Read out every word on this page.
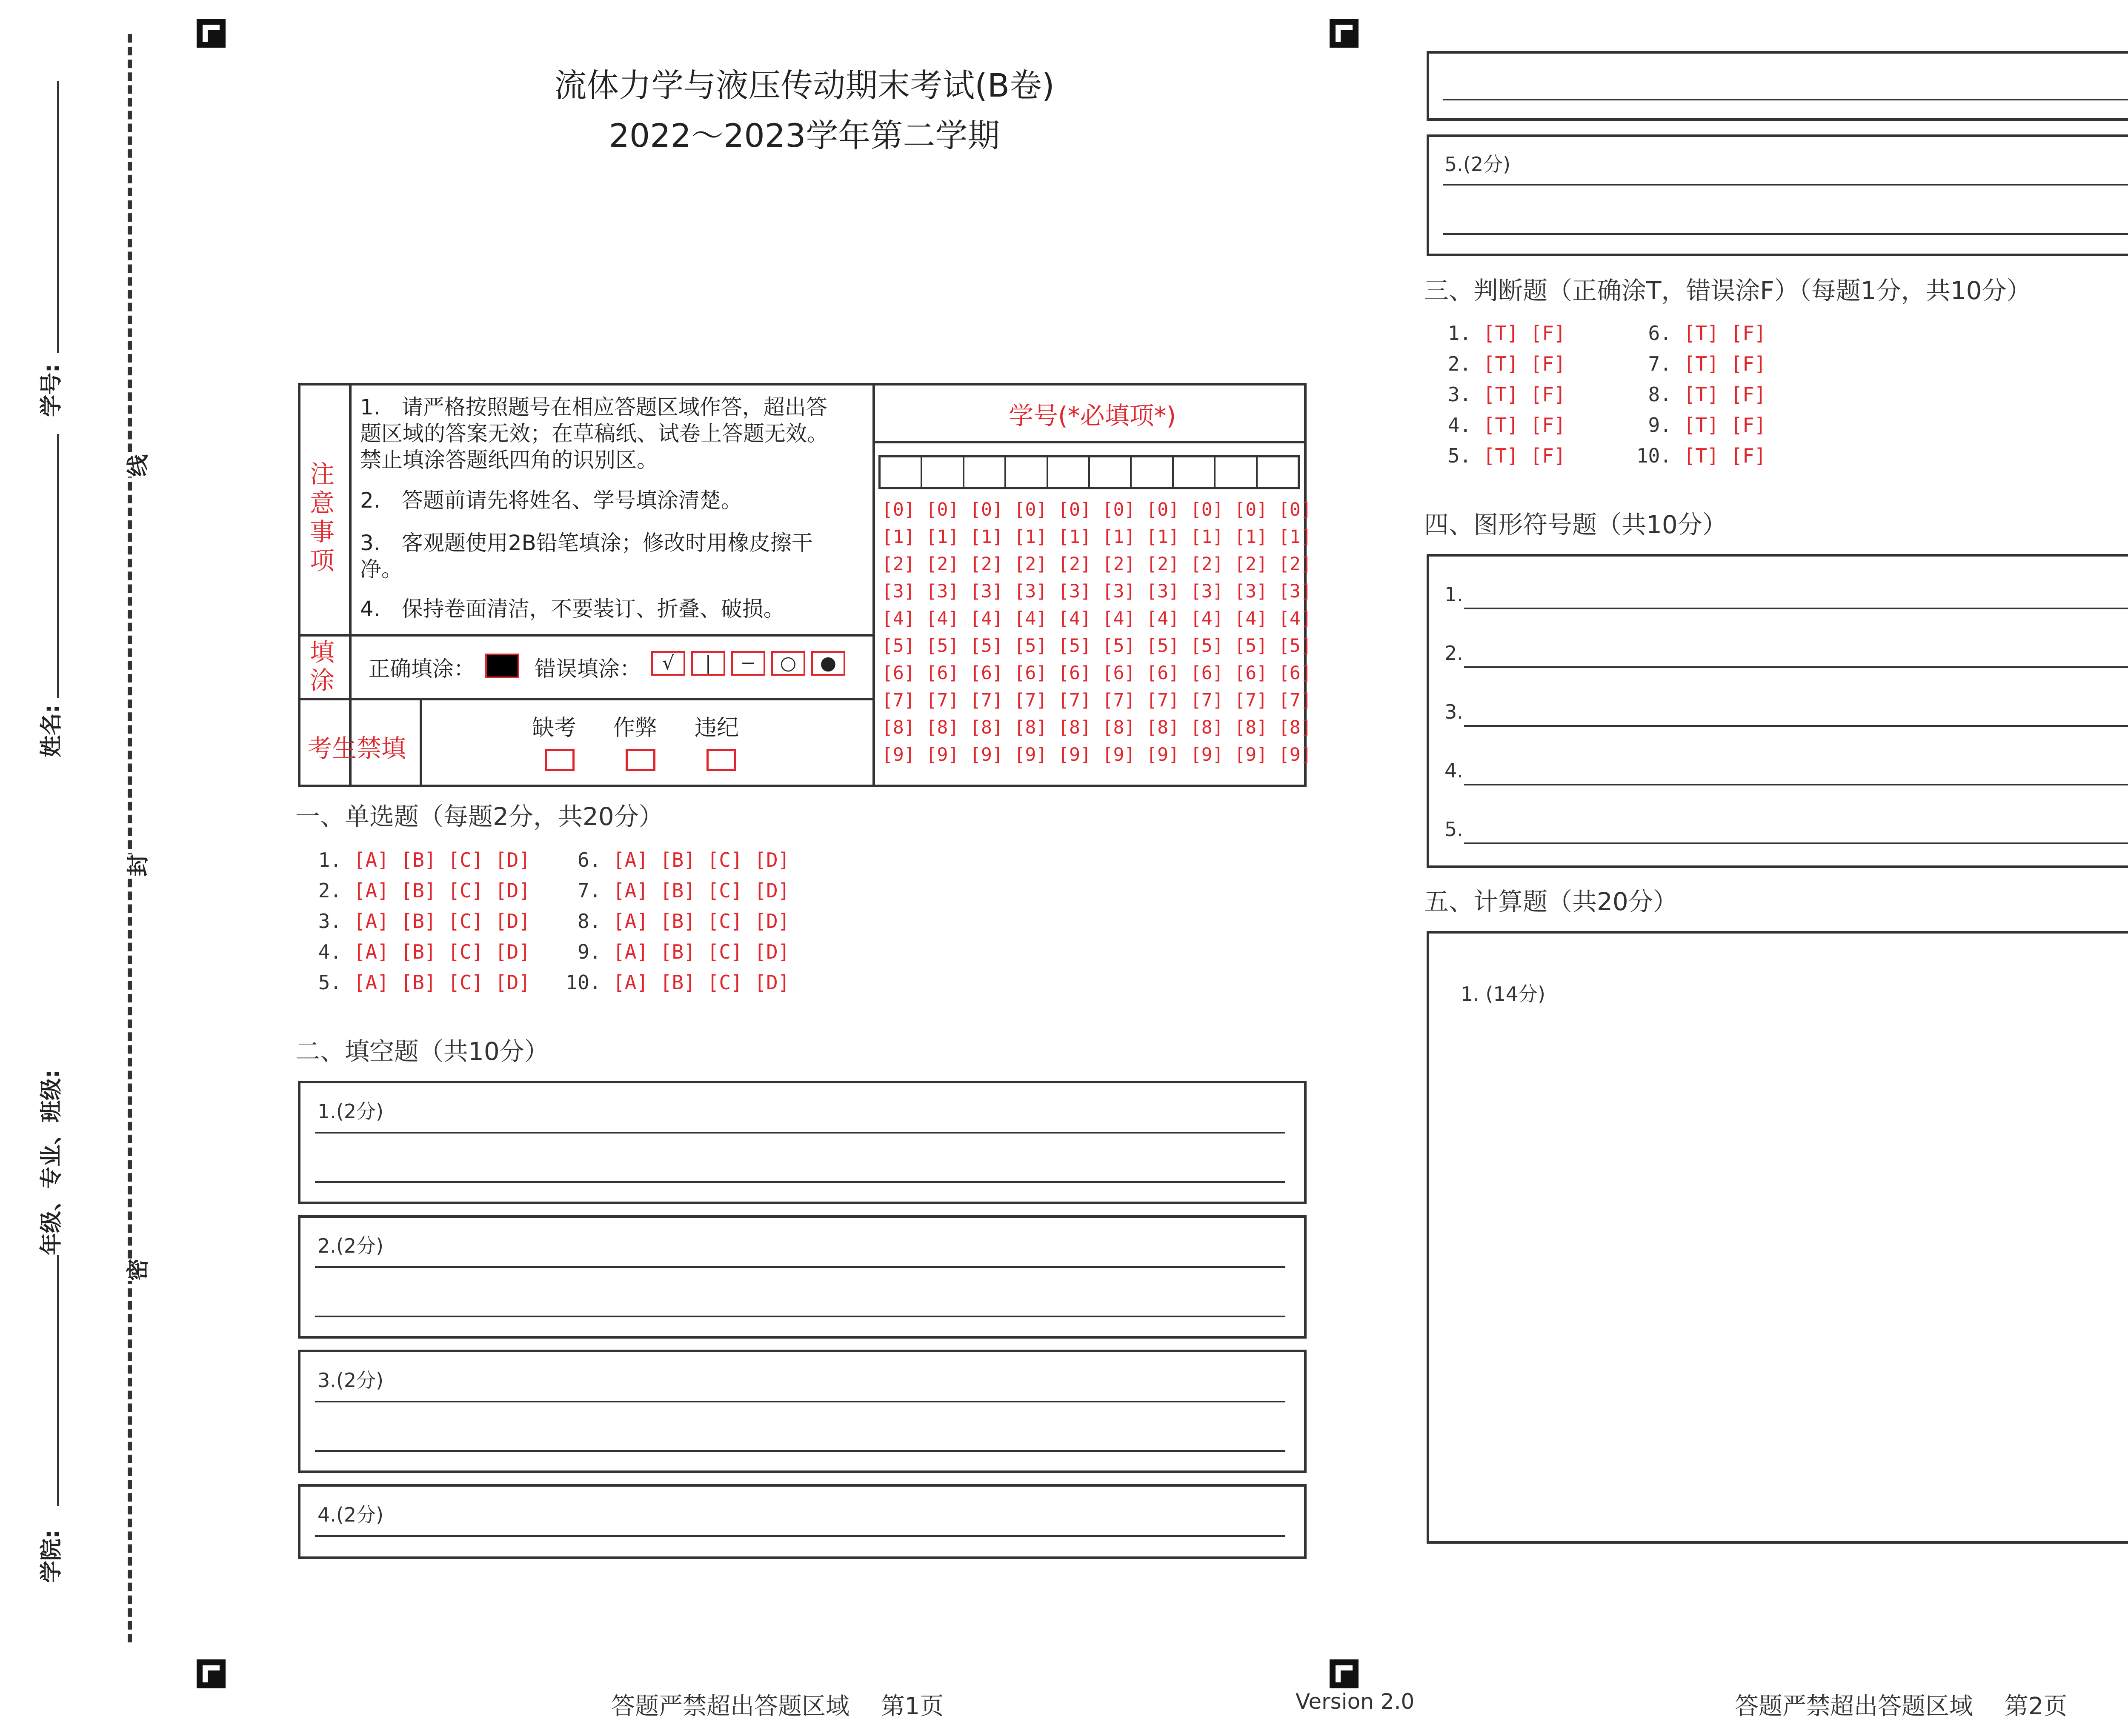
学号:
姓名:
年级、专业、班级:
学院:
线
封
密
流体力学与液压传动期末考试(B卷)
2022～2023学年第二学期
注意事项
1.　请严格按照题号在相应答题区域作答，超出答题区域的答案无效；在草稿纸、试卷上答题无效。禁止填涂答题纸四角的识别区。
2.　答题前请先将姓名、学号填涂清楚。
3.　客观题使用2B铅笔填涂；修改时用橡皮擦干净。
4.　保持卷面清洁，不要装订、折叠、破损。
填涂 正确填涂：	错误填涂：	√ | − ○ ●
考生禁填
缺考 作弊 违纪
学号(*必填项*)
[0] [0] [0] [0] [0] [0] [0] [0] [0] [0]
[1] [1] [1] [1] [1] [1] [1] [1] [1] [1]
[2] [2] [2] [2] [2] [2] [2] [2] [2] [2]
[3] [3] [3] [3] [3] [3] [3] [3] [3] [3]
[4] [4] [4] [4] [4] [4] [4] [4] [4] [4]
[5] [5] [5] [5] [5] [5] [5] [5] [5] [5]
[6] [6] [6] [6] [6] [6] [6] [6] [6] [6]
[7] [7] [7] [7] [7] [7] [7] [7] [7] [7]
[8] [8] [8] [8] [8] [8] [8] [8] [8] [8]
[9] [9] [9] [9] [9] [9] [9] [9] [9] [9]
一、单选题（每题2分，共20分）
1. [A] [B] [C] [D]    6. [A] [B] [C] [D]
2. [A] [B] [C] [D]    7. [A] [B] [C] [D]
3. [A] [B] [C] [D]    8. [A] [B] [C] [D]
4. [A] [B] [C] [D]    9. [A] [B] [C] [D]
5. [A] [B] [C] [D]   10. [A] [B] [C] [D]
二、填空题（共10分）
1.(2分)
2.(2分)
3.(2分)
4.(2分)
答题严禁超出答题区域　 第1页	Version 2.0
5.(2分)
三、判断题（正确涂T，错误涂F）（每题1分，共10分）
1. [T] [F]       6. [T] [F]
2. [T] [F]       7. [T] [F]
3. [T] [F]       8. [T] [F]
4. [T] [F]       9. [T] [F]
5. [T] [F]      10. [T] [F]
四、图形符号题（共10分）
1.
2.
3.
4.
5.
五、计算题（共20分）
1. (14分)
答题严禁超出答题区域　 第2页
